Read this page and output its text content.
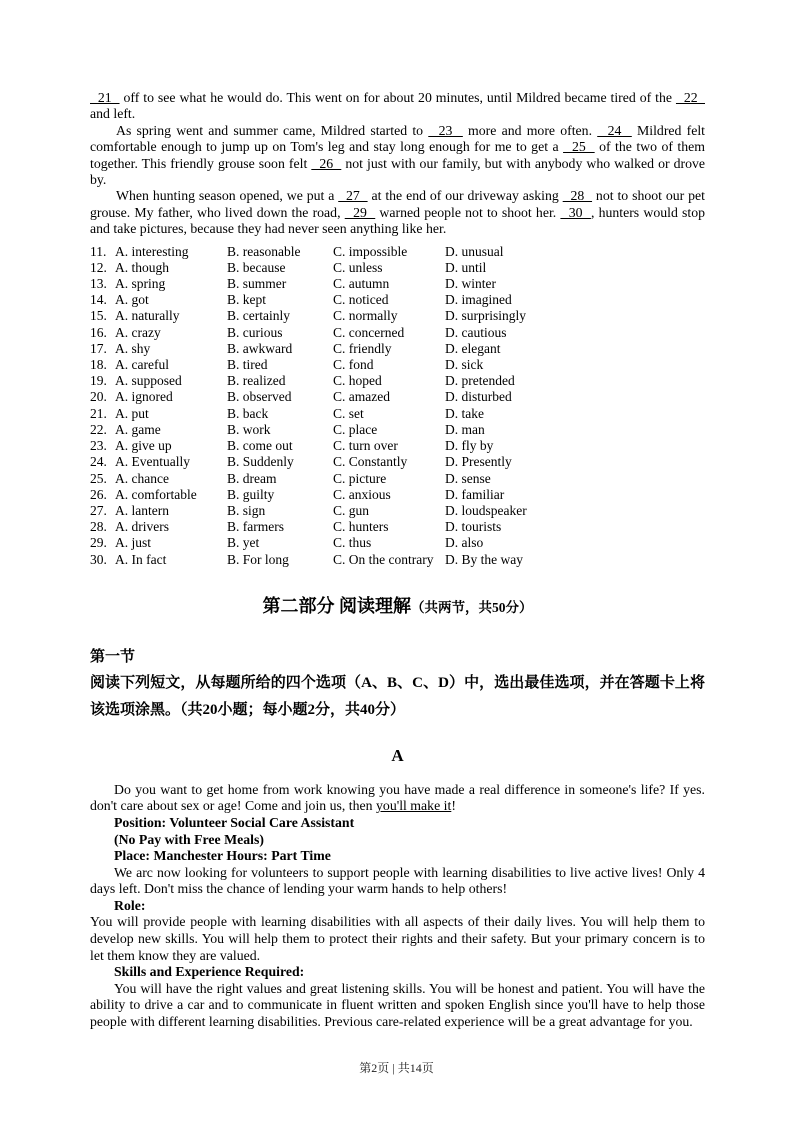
21   off to see what he would do. This went on for about 20 minutes, until Mildred became tired of the   22   and left.

As spring went and summer came, Mildred started to   23   more and more often.   24   Mildred felt comfortable enough to jump up on Tom's leg and stay long enough for me to get a   25   of the two of them together. This friendly grouse soon felt   26   not just with our family, but with anybody who walked or drove by.

When hunting season opened, we put a   27   at the end of our driveway asking   28   not to shoot our pet grouse. My father, who lived down the road,   29   warned people not to shoot her.   30  , hunters would stop and take pictures, because they had never seen anything like her.

11. A. interesting	B. reasonable	C. impossible	D. unusual
12. A. though	B. because	C. unless	D. until
13. A. spring	B. summer	C. autumn	D. winter
14. A. got	B. kept	C. noticed	D. imagined
15. A. naturally	B. certainly	C. normally	D. surprisingly
16. A. crazy	B. curious	C. concerned	D. cautious
17. A. shy	B. awkward	C. friendly	D. elegant
18. A. careful	B. tired	C. fond	D. sick
19. A. supposed	B. realized	C. hoped	D. pretended
20. A. ignored	B. observed	C. amazed	D. disturbed
21. A. put	B. back	C. set	D. take
22. A. game	B. work	C. place	D. man
23. A. give up	B. come out	C. turn over	D. fly by
24. A. Eventually	B. Suddenly	C. Constantly	D. Presently
25. A. chance	B. dream	C. picture	D. sense
26. A. comfortable	B. guilty	C. anxious	D. familiar
27. A. lantern	B. sign	C. gun	D. loudspeaker
28. A. drivers	B. farmers	C. hunters	D. tourists
29. A. just	B. yet	C. thus	D. also
30. A. In fact	B. For long	C. On the contrary D. By the way
第二部分 阅读理解（共两节，共50分）
第一节
阅读下列短文，从每题所给的四个选项（A、B、C、D）中，选出最佳选项，并在答题卡上将该选项涂黑。（共20小题；每小题2分，共40分）
A

Do you want to get home from work knowing you have made a real difference in someone's life? If yes. don't care about sex or age! Come and join us, then you'll make it!

Position: Volunteer Social Care Assistant

(No Pay with Free Meals)

Place: Manchester Hours: Part Time

We arc now looking for volunteers to support people with learning disabilities to live active lives! Only 4 days left. Don't miss the chance of lending your warm hands to help others!

Role:

You will provide people with learning disabilities with all aspects of their daily lives. You will help them to develop new skills. You will help them to protect their rights and their safety. But your primary concern is to let them know they are valued.

Skills and Experience Required:

You will have the right values and great listening skills. You will be honest and patient. You will have the ability to drive a car and to communicate in fluent written and spoken English since you'll have to help those people with different learning disabilities. Previous care-related experience will be a great advantage for you.

第2页 | 共14页
